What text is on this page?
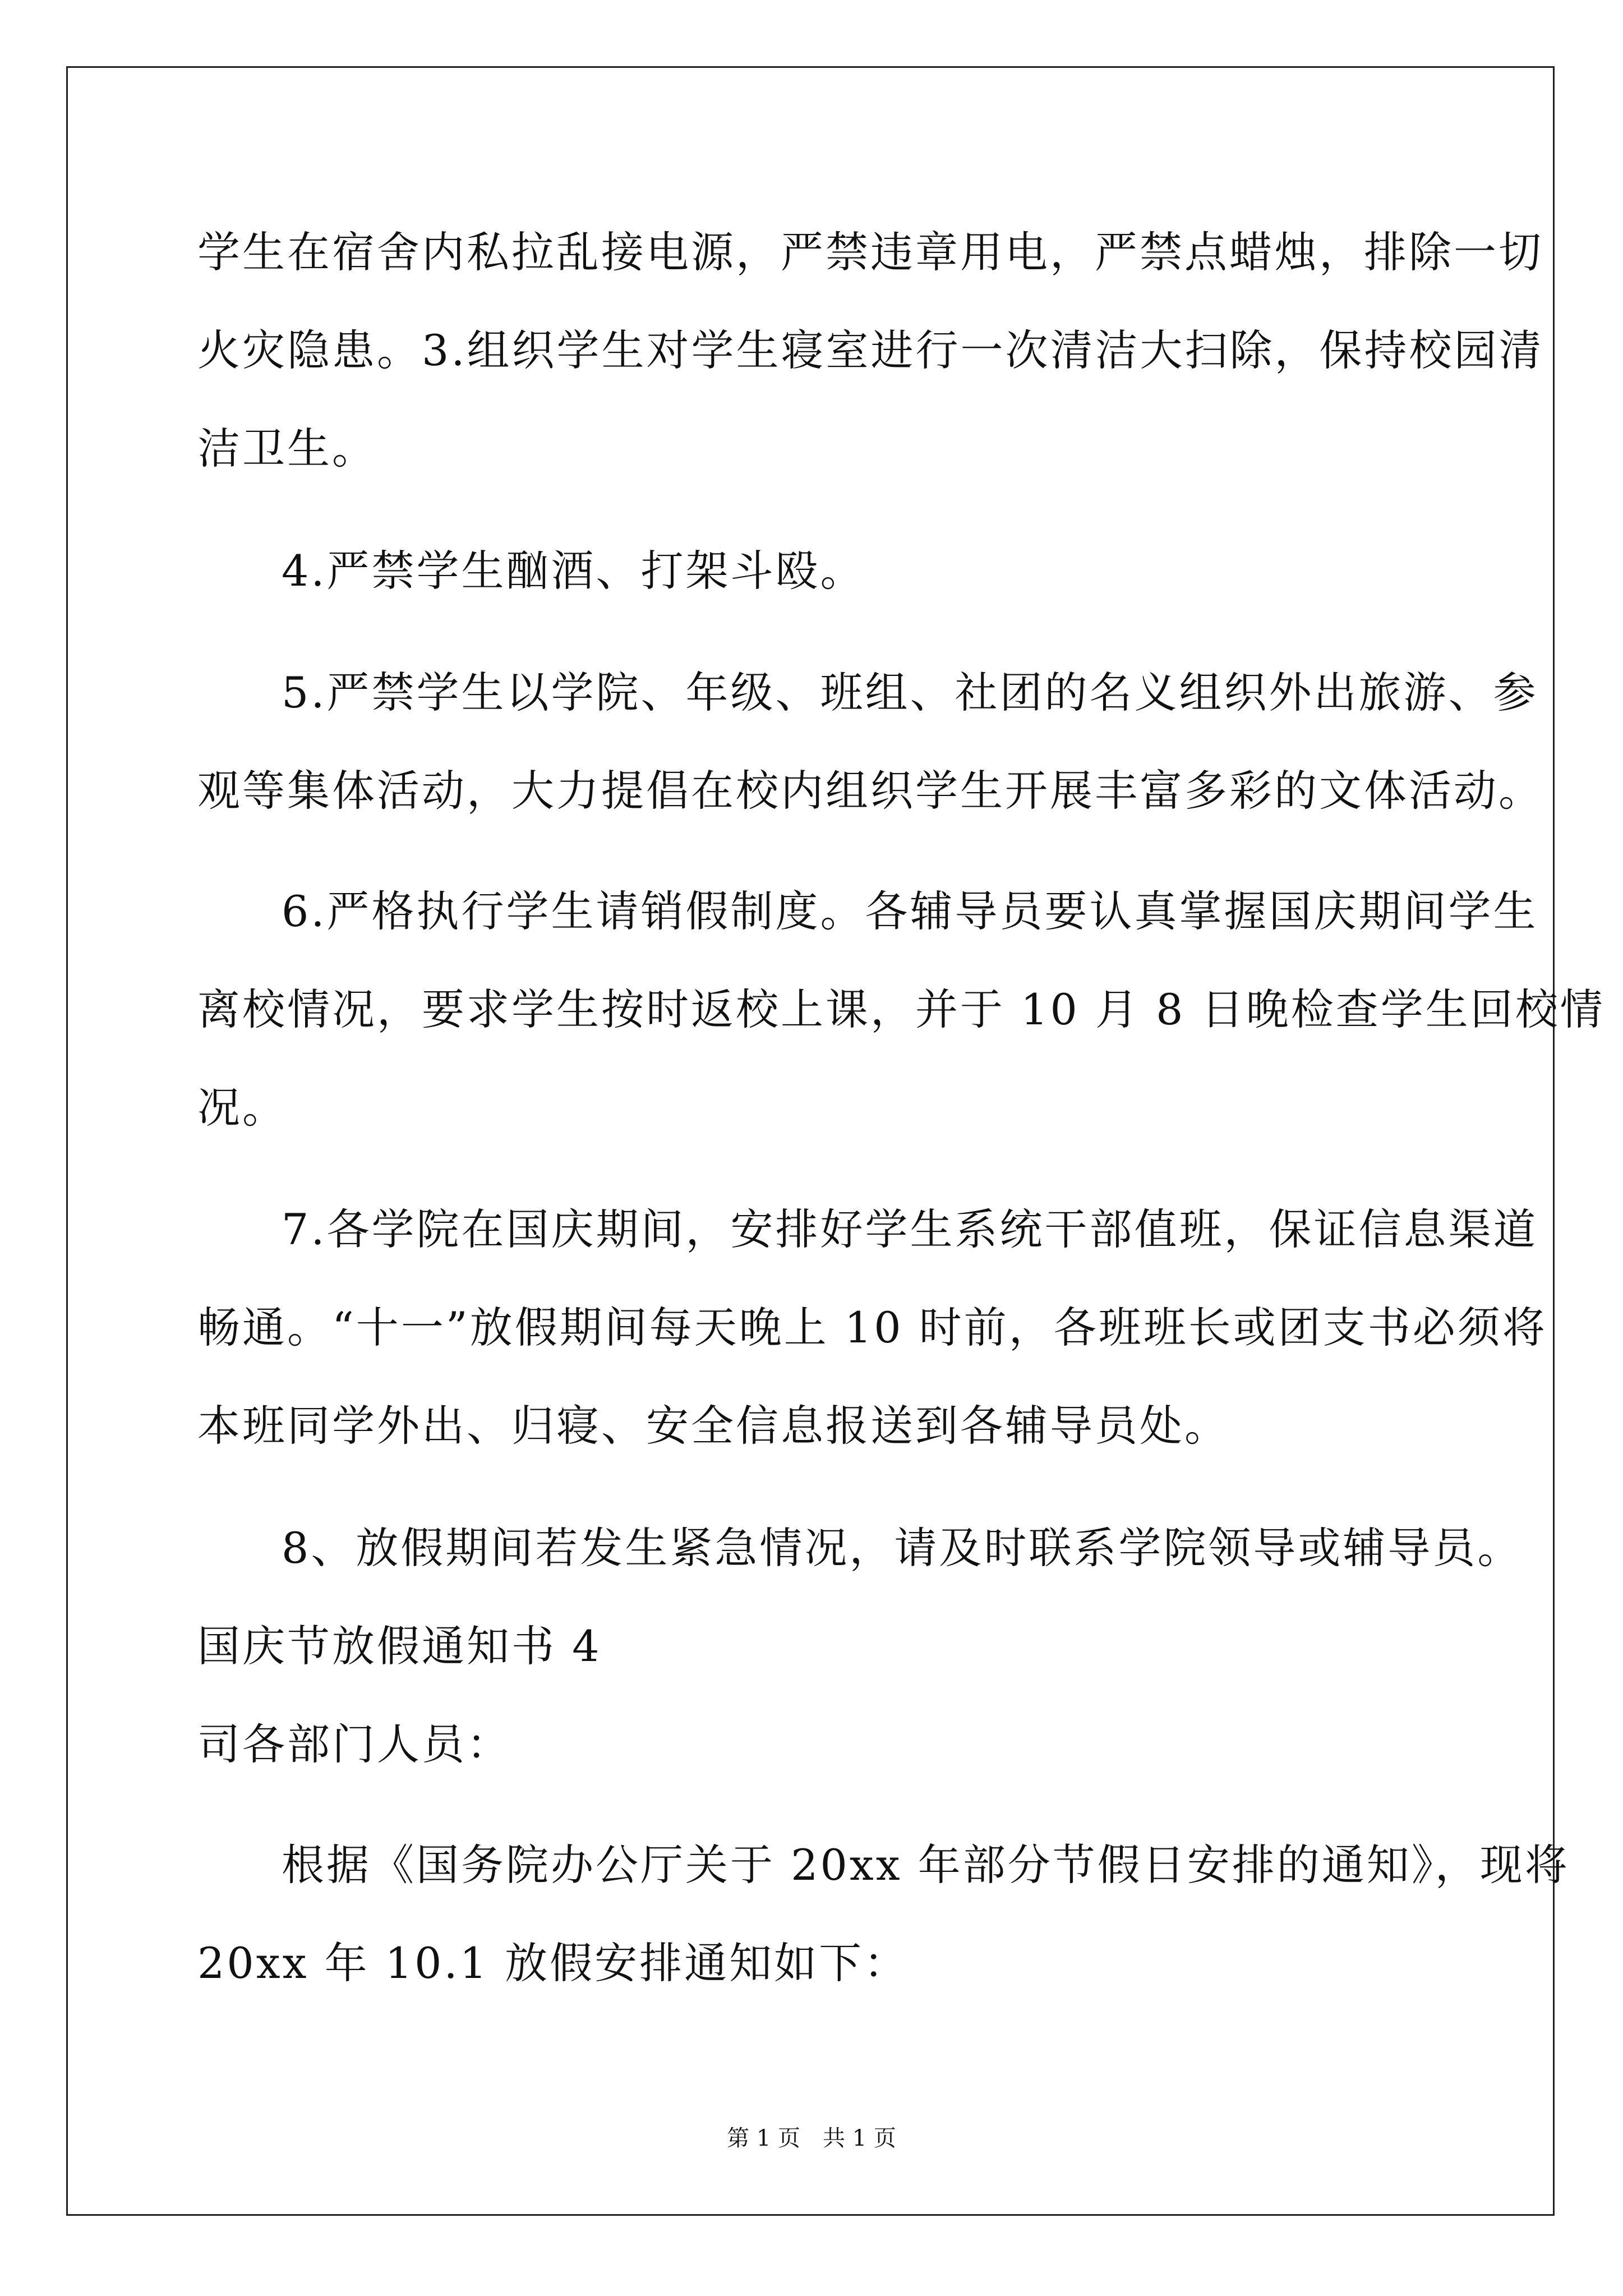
学生在宿舍内私拉乱接电源，严禁违章用电，严禁点蜡烛，排除一切
火灾隐患。3.组织学生对学生寝室进行一次清洁大扫除，保持校园清
洁卫生。
4.严禁学生酗酒、打架斗殴。
5.严禁学生以学院、年级、班组、社团的名义组织外出旅游、参
观等集体活动，大力提倡在校内组织学生开展丰富多彩的文体活动。
6.严格执行学生请销假制度。各辅导员要认真掌握国庆期间学生
离校情况，要求学生按时返校上课，并于 10 月 8 日晚检查学生回校情
况。
7.各学院在国庆期间，安排好学生系统干部值班，保证信息渠道
畅通。“十一”放假期间每天晚上 10 时前，各班班长或团支书必须将
本班同学外出、归寝、安全信息报送到各辅导员处。
8、放假期间若发生紧急情况，请及时联系学院领导或辅导员。
国庆节放假通知书 4
司各部门人员：
根据《国务院办公厅关于 20xx 年部分节假日安排的通知》，现将
20xx 年 10.1 放假安排通知如下：
第 1 页　共 1 页
